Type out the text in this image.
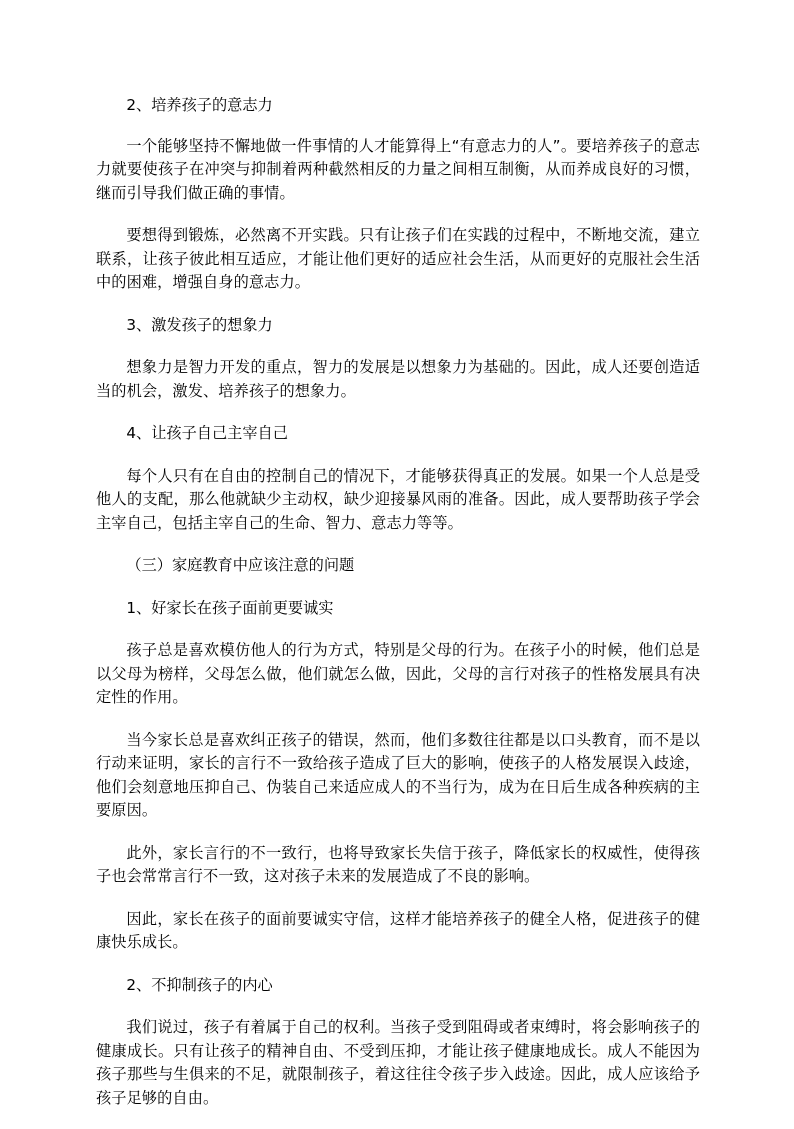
2、培养孩子的意志力

一个能够坚持不懈地做一件事情的人才能算得上“有意志力的人”。要培养孩子的意志力就要使孩子在冲突与抑制着两种截然相反的力量之间相互制衡，从而养成良好的习惯，继而引导我们做正确的事情。

要想得到锻炼，必然离不开实践。只有让孩子们在实践的过程中，不断地交流，建立联系，让孩子彼此相互适应，才能让他们更好的适应社会生活，从而更好的克服社会生活中的困难，增强自身的意志力。

3、激发孩子的想象力

想象力是智力开发的重点，智力的发展是以想象力为基础的。因此，成人还要创造适当的机会，激发、培养孩子的想象力。

4、让孩子自己主宰自己

每个人只有在自由的控制自己的情况下，才能够获得真正的发展。如果一个人总是受他人的支配，那么他就缺少主动权，缺少迎接暴风雨的准备。因此，成人要帮助孩子学会主宰自己，包括主宰自己的生命、智力、意志力等等。

（三）家庭教育中应该注意的问题

1、好家长在孩子面前更要诚实

孩子总是喜欢模仿他人的行为方式，特别是父母的行为。在孩子小的时候，他们总是以父母为榜样，父母怎么做，他们就怎么做，因此，父母的言行对孩子的性格发展具有决定性的作用。

当今家长总是喜欢纠正孩子的错误，然而，他们多数往往都是以口头教育，而不是以行动来证明，家长的言行不一致给孩子造成了巨大的影响，使孩子的人格发展误入歧途，他们会刻意地压抑自己、伪装自己来适应成人的不当行为，成为在日后生成各种疾病的主要原因。

此外，家长言行的不一致行，也将导致家长失信于孩子，降低家长的权威性，使得孩子也会常常言行不一致，这对孩子未来的发展造成了不良的影响。

因此，家长在孩子的面前要诚实守信，这样才能培养孩子的健全人格，促进孩子的健康快乐成长。

2、不抑制孩子的内心

我们说过，孩子有着属于自己的权利。当孩子受到阻碍或者束缚时，将会影响孩子的健康成长。只有让孩子的精神自由、不受到压抑，才能让孩子健康地成长。成人不能因为孩子那些与生俱来的不足，就限制孩子，着这往往令孩子步入歧途。因此，成人应该给予孩子足够的自由。
